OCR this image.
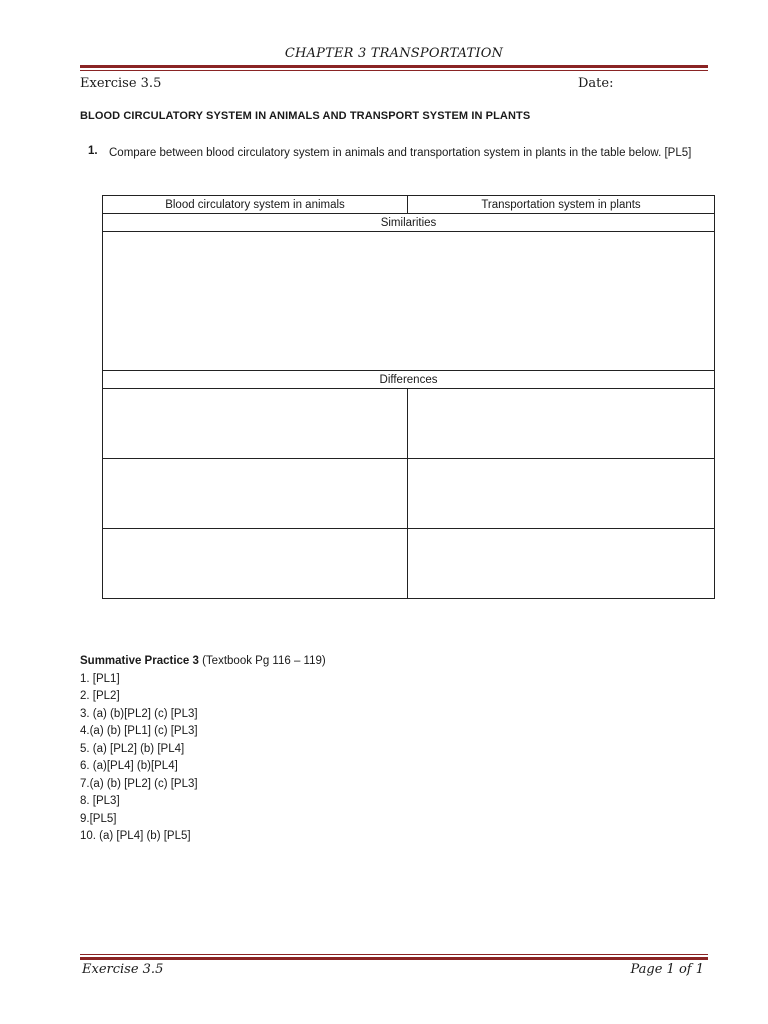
CHAPTER 3 TRANSPORTATION
Exercise 3.5	Date:
BLOOD CIRCULATORY SYSTEM IN ANIMALS AND TRANSPORT SYSTEM IN PLANTS
1. Compare between blood circulatory system in animals and transportation system in plants in the table below. [PL5]
Blood circulatory system in animals	Transportation system in plants
Similarities	

Differences	

Summative Practice 3 (Textbook Pg 116 – 119)
1. [PL1]
2. [PL2]
3. (a) (b)[PL2] (c) [PL3]
4.(a) (b) [PL1] (c) [PL3]
5. (a) [PL2] (b) [PL4]
6. (a)[PL4] (b)[PL4]
7.(a) (b) [PL2] (c) [PL3]
8. [PL3]
9.[PL5]
10. (a) [PL4] (b) [PL5]
Exercise 3.5	Page 1 of 1
